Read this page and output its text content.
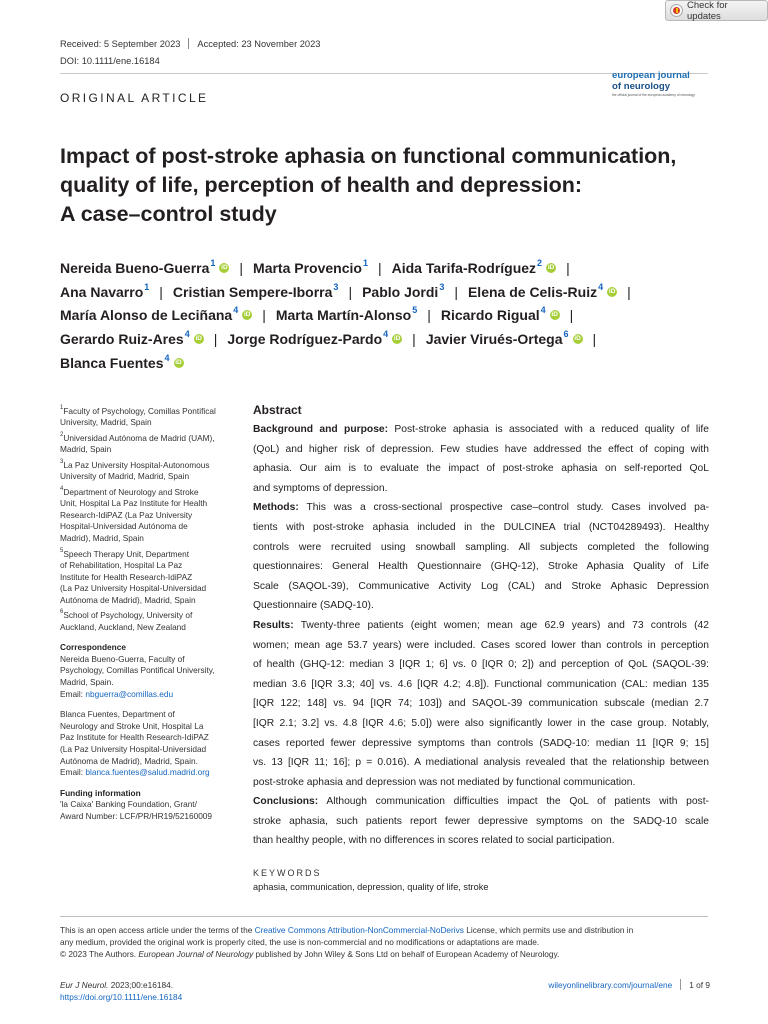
Check for updates
Received: 5 September 2023 Accepted: 23 November 2023
DOI: 10.1111/ene.16184
ORIGINAL ARTICLE
european journal
of neurology
the official journal of the european academy of neurology
Impact of post-stroke aphasia on functional communication,
quality of life, perception of health and depression:
A case–control study
Nereida Bueno-Guerra$^1$ iD | Marta Provencio$^1$ | Aida Tarifa-Rodríguez$^2$ iD |
Ana Navarro$^1$ | Cristian Sempere-Iborra$^3$ | Pablo Jordi$^3$ | Elena de Celis-Ruiz$^4$ iD |
María Alonso de Leciñana$^4$ iD | Marta Martín-Alonso$^5$ | Ricardo Rigual$^4$ iD |
Gerardo Ruiz-Ares$^4$ iD | Jorge Rodríguez-Pardo$^4$ iD | Javier Virués-Ortega$^6$ iD |
Blanca Fuentes$^4$ iD
$^1$Faculty of Psychology, Comillas Pontifical
University, Madrid, Spain
$^2$Universidad Autónoma de Madrid (UAM),
Madrid, Spain
$^3$La Paz University Hospital-Autonomous
University of Madrid, Madrid, Spain
$^4$Department of Neurology and Stroke
Unit, Hospital La Paz Institute for Health
Research-IdiPAZ (La Paz University
Hospital-Universidad Autónoma de
Madrid), Madrid, Spain
$^5$Speech Therapy Unit, Department
of Rehabilitation, Hospital La Paz
Institute for Health Research-IdiPAZ
(La Paz University Hospital-Universidad
Autónoma de Madrid), Madrid, Spain
$^6$School of Psychology, University of
Auckland, Auckland, New Zealand
Correspondence
Nereida Bueno-Guerra, Faculty of
Psychology, Comillas Pontifical University,
Madrid, Spain.
Email: nbguerra@comillas.edu
Blanca Fuentes, Department of
Neurology and Stroke Unit, Hospital La
Paz Institute for Health Research-IdiPAZ
(La Paz University Hospital-Universidad
Autónoma de Madrid), Madrid, Spain.
Email: blanca.fuentes@salud.madrid.org
Funding information
'la Caixa' Banking Foundation, Grant/
Award Number: LCF/PR/HR19/52160009
Abstract
Background and purpose: Post-stroke aphasia is associated with a reduced quality of life
(QoL) and higher risk of depression. Few studies have addressed the effect of coping with
aphasia. Our aim is to evaluate the impact of post-stroke aphasia on self-reported QoL
and symptoms of depression.
Methods: This was a cross-sectional prospective case–control study. Cases involved pa-
tients with post-stroke aphasia included in the DULCINEA trial (NCT04289493). Healthy
controls were recruited using snowball sampling. All subjects completed the following
questionnaires: General Health Questionnaire (GHQ-12), Stroke Aphasia Quality of Life
Scale (SAQOL-39), Communicative Activity Log (CAL) and Stroke Aphasic Depression
Questionnaire (SADQ-10).
Results: Twenty-three patients (eight women; mean age 62.9 years) and 73 controls (42
women; mean age 53.7 years) were included. Cases scored lower than controls in perception
of health (GHQ-12: median 3 [IQR 1; 6] vs. 0 [IQR 0; 2]) and perception of QoL (SAQOL-39:
median 3.6 [IQR 3.3; 40] vs. 4.6 [IQR 4.2; 4.8]). Functional communication (CAL: median 135
[IQR 122; 148] vs. 94 [IQR 74; 103]) and SAQOL-39 communication subscale (median 2.7
[IQR 2.1; 3.2] vs. 4.8 [IQR 4.6; 5.0]) were also significantly lower in the case group. Notably,
cases reported fewer depressive symptoms than controls (SADQ-10: median 11 [IQR 9; 15]
vs. 13 [IQR 11; 16]; p = 0.016). A mediational analysis revealed that the relationship between
post-stroke aphasia and depression was not mediated by functional communication.
Conclusions: Although communication difficulties impact the QoL of patients with post-
stroke aphasia, such patients report fewer depressive symptoms on the SADQ-10 scale
than healthy people, with no differences in scores related to social participation.
KEYWORDS
aphasia, communication, depression, quality of life, stroke
This is an open access article under the terms of the Creative Commons Attribution-NonCommercial-NoDerivs License, which permits use and distribution in
any medium, provided the original work is properly cited, the use is non-commercial and no modifications or adaptations are made.
© 2023 The Authors. European Journal of Neurology published by John Wiley & Sons Ltd on behalf of European Academy of Neurology.
Eur J Neurol. 2023;00:e16184.
https://doi.org/10.1111/ene.16184
wileyonlinelibrary.com/journal/ene 1 of 9
